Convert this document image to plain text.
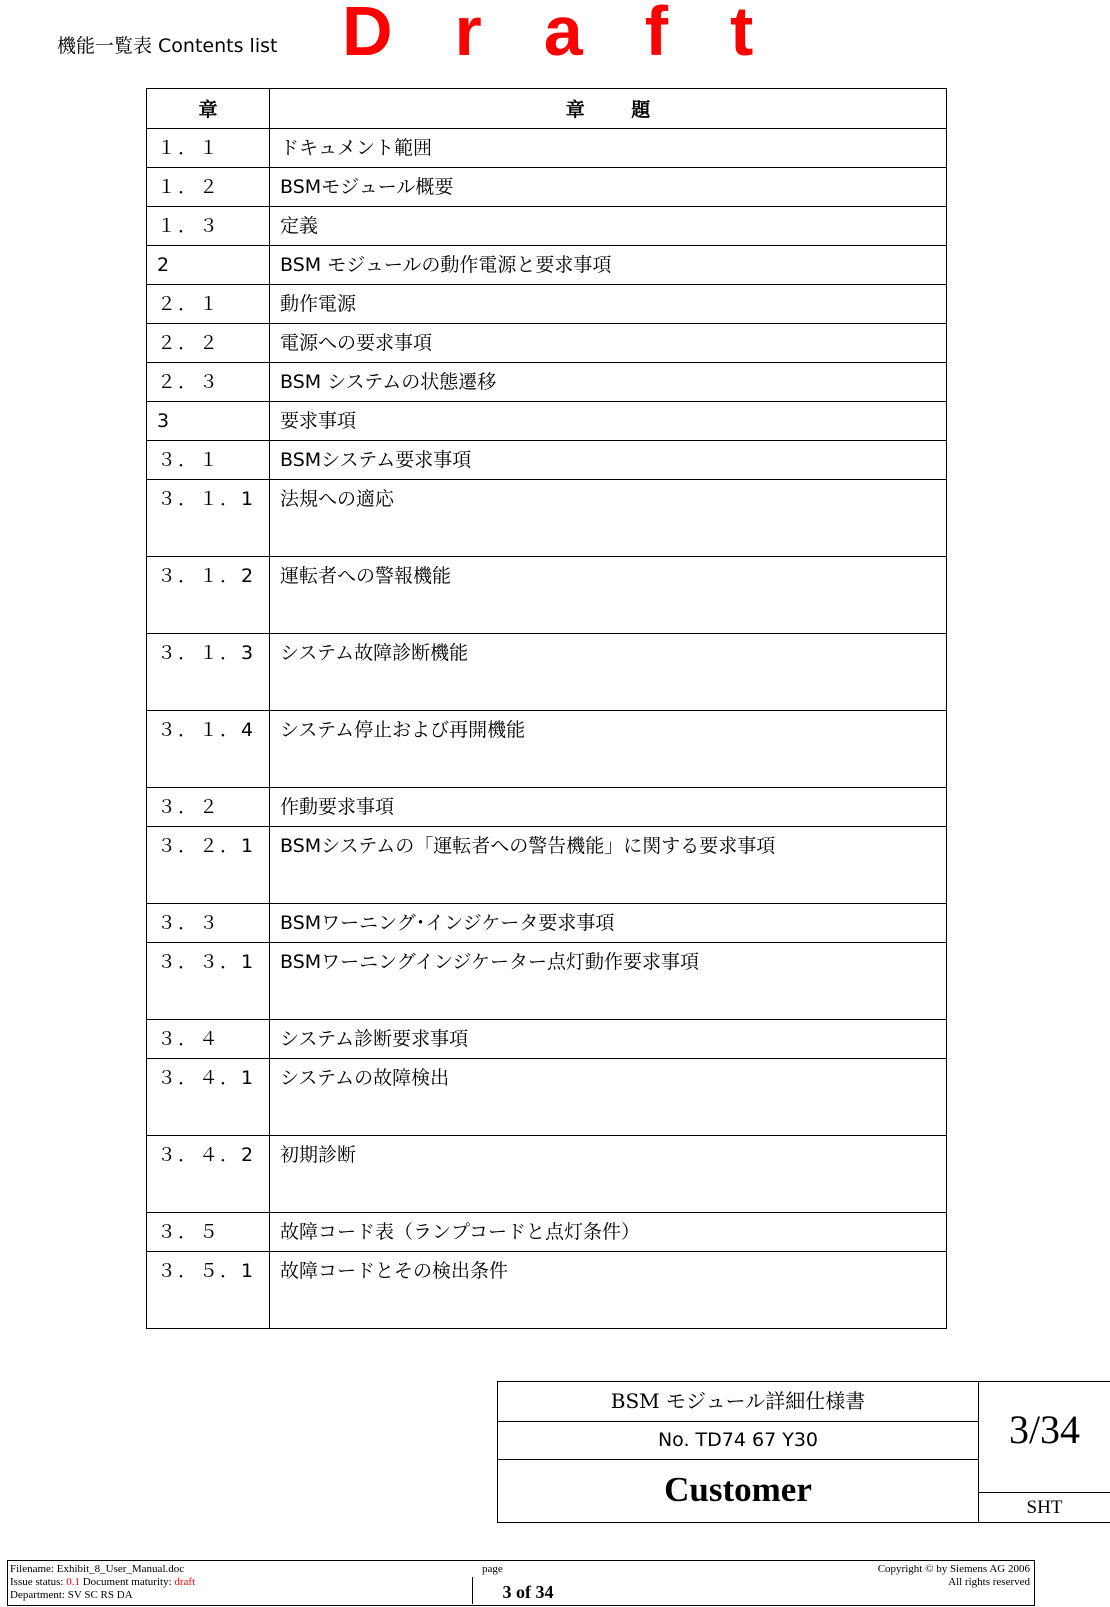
機能一覧表 Contents list Draft
章	章 題
１．１	ドキュメント範囲
１．２	BSMモジュール概要
１．３	定義
2	BSM モジュールの動作電源と要求事項
２．１	動作電源
２．２	電源への要求事項
２．３	BSM システムの状態遷移
3	要求事項
３．１	BSMシステム要求事項
３．１．1	法規への適応
３．１．2	運転者への警報機能
３．１．3	システム故障診断機能
３．１．4	システム停止および再開機能
３．２	作動要求事項
３．２．1	BSMシステムの「運転者への警告機能」に関する要求事項
３．３	BSMワーニング･インジケータ要求事項
３．３．1	BSMワーニングインジケーター点灯動作要求事項
３．４	システム診断要求事項
３．４．1	システムの故障検出
３．４．2	初期診断
３．５	故障コード表（ランプコードと点灯条件）
３．５．1	故障コードとその検出条件
BSM モジュール詳細仕様書
No. TD74 67 Y30
Customer
3/34
SHT
Filename: Exhibit_8_User_Manual.doc
Issue status: 0.1 Document maturity: draft
Department: SV SC RS DA
page
3 of 34
Copyright © by Siemens AG 2006
All rights reserved
